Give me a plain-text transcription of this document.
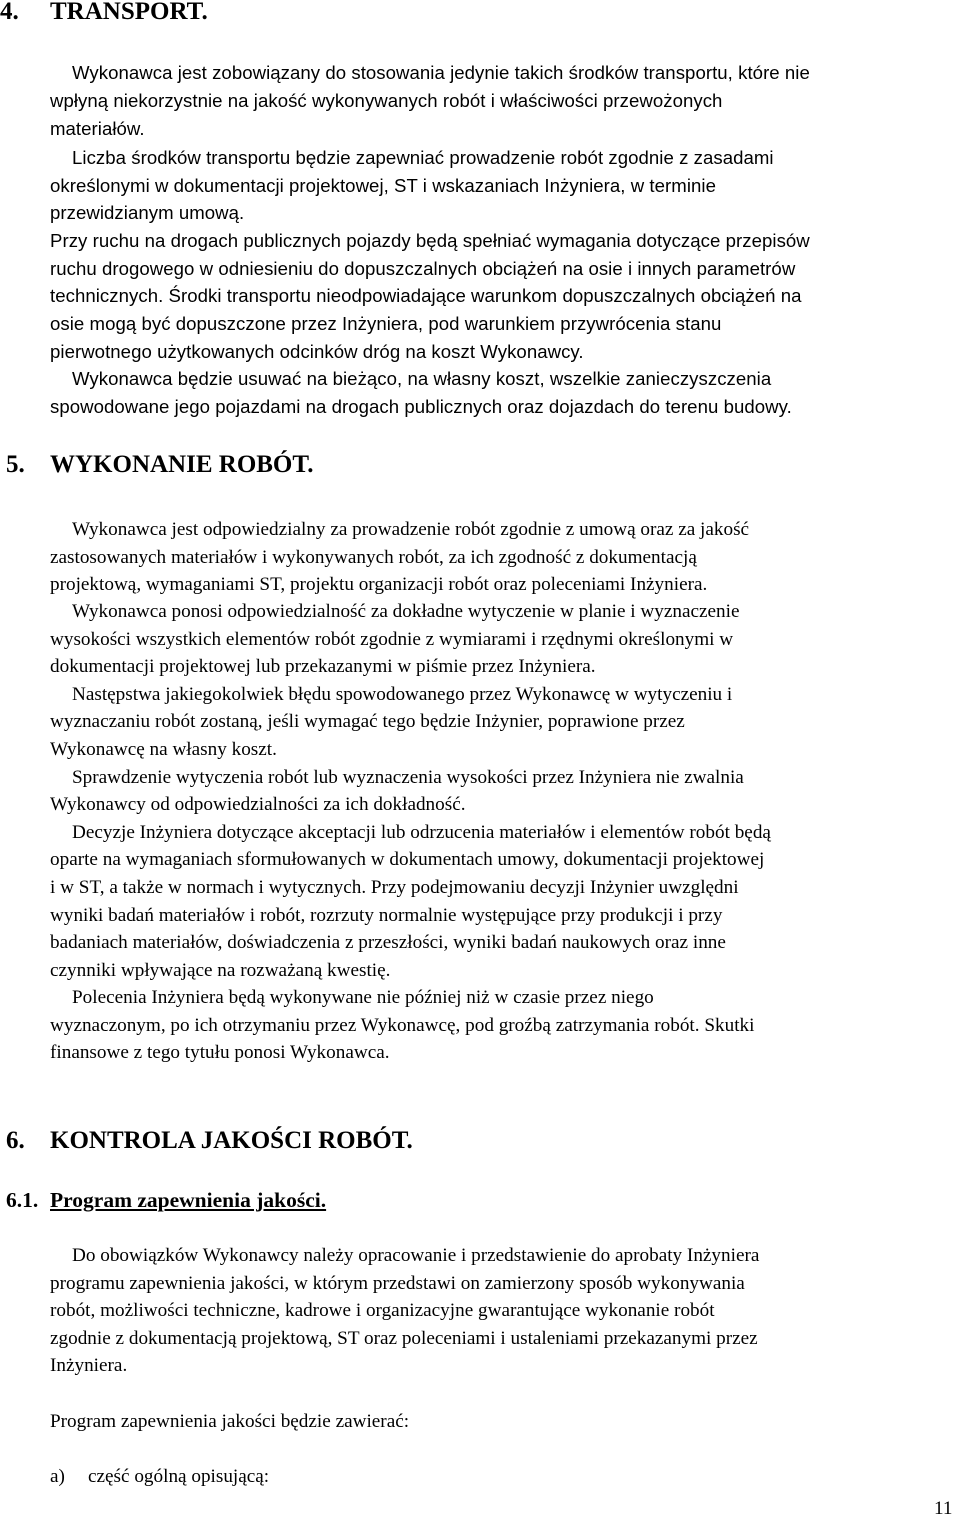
4. TRANSPORT.
Wykonawca jest zobowiązany do stosowania jedynie takich środków transportu, które nie
wpłyną niekorzystnie na jakość wykonywanych robót i właściwości przewożonych
materiałów.
Liczba środków transportu będzie zapewniać prowadzenie robót zgodnie z zasadami
określonymi w dokumentacji projektowej, ST i wskazaniach Inżyniera, w terminie
przewidzianym umową.
Przy ruchu na drogach publicznych pojazdy będą spełniać wymagania dotyczące przepisów
ruchu drogowego w odniesieniu do dopuszczalnych obciążeń na osie i innych parametrów
technicznych. Środki transportu nieodpowiadające warunkom dopuszczalnych obciążeń na
osie mogą być dopuszczone przez Inżyniera, pod warunkiem przywrócenia stanu
pierwotnego użytkowanych odcinków dróg na koszt Wykonawcy.
Wykonawca będzie usuwać na bieżąco, na własny koszt, wszelkie zanieczyszczenia
spowodowane jego pojazdami na drogach publicznych oraz dojazdach do terenu budowy.
5. WYKONANIE ROBÓT.
Wykonawca jest odpowiedzialny za prowadzenie robót zgodnie z umową oraz za jakość
zastosowanych materiałów i wykonywanych robót, za ich zgodność z dokumentacją
projektową, wymaganiami ST, projektu organizacji robót oraz poleceniami Inżyniera.
Wykonawca ponosi odpowiedzialność za dokładne wytyczenie w planie i wyznaczenie
wysokości wszystkich elementów robót zgodnie z wymiarami i rzędnymi określonymi w
dokumentacji projektowej lub przekazanymi w piśmie przez Inżyniera.
Następstwa jakiegokolwiek błędu spowodowanego przez Wykonawcę w wytyczeniu i
wyznaczaniu robót zostaną, jeśli wymagać tego będzie Inżynier, poprawione przez
Wykonawcę na własny koszt.
Sprawdzenie wytyczenia robót lub wyznaczenia wysokości przez Inżyniera nie zwalnia
Wykonawcy od odpowiedzialności za ich dokładność.
Decyzje Inżyniera dotyczące akceptacji lub odrzucenia materiałów i elementów robót będą
oparte na wymaganiach sformułowanych w dokumentach umowy, dokumentacji projektowej
i w ST, a także w normach i wytycznych. Przy podejmowaniu decyzji Inżynier uwzględni
wyniki badań materiałów i robót, rozrzuty normalnie występujące przy produkcji i przy
badaniach materiałów, doświadczenia z przeszłości, wyniki badań naukowych oraz inne
czynniki wpływające na rozważaną kwestię.
Polecenia Inżyniera będą wykonywane nie później niż w czasie przez niego
wyznaczonym, po ich otrzymaniu przez Wykonawcę, pod groźbą zatrzymania robót. Skutki
finansowe z tego tytułu ponosi Wykonawca.
6. KONTROLA JAKOŚCI ROBÓT.
6.1. Program zapewnienia jakości.
Do obowiązków Wykonawcy należy opracowanie i przedstawienie do aprobaty Inżyniera
programu zapewnienia jakości, w którym przedstawi on zamierzony sposób wykonywania
robót, możliwości techniczne, kadrowe i organizacyjne gwarantujące wykonanie robót
zgodnie z dokumentacją projektową, ST oraz poleceniami i ustaleniami przekazanymi przez
Inżyniera.
Program zapewnienia jakości będzie zawierać:
a) część ogólną opisującą:
11
